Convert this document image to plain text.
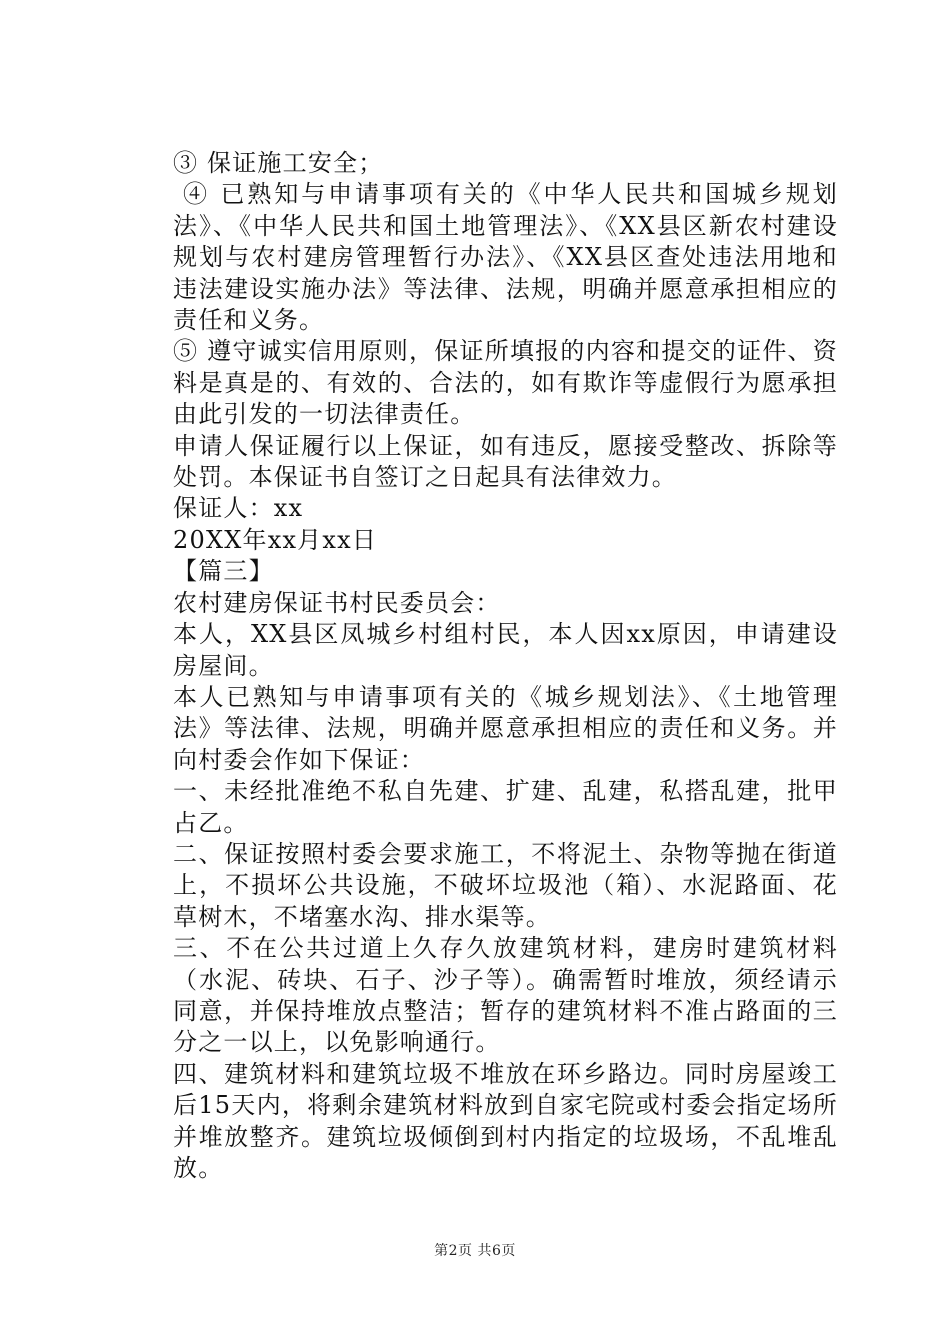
③ 保证施工安全；

④ 已熟知与申请事项有关的《中华人民共和国城乡规划法》、《中华人民共和国土地管理法》、《XX县区新农村建设规划与农村建房管理暂行办法》、《XX县区查处违法用地和违法建设实施办法》等法律、法规，明确并愿意承担相应的责任和义务。

⑤ 遵守诚实信用原则，保证所填报的内容和提交的证件、资料是真是的、有效的、合法的，如有欺诈等虚假行为愿承担由此引发的一切法律责任。

申请人保证履行以上保证，如有违反，愿接受整改、拆除等处罚。本保证书自签订之日起具有法律效力。

保证人：xx

20XX年xx月xx日

【篇三】

农村建房保证书村民委员会：

本人，XX县区凤城乡村组村民，本人因xx原因，申请建设房屋间。

本人已熟知与申请事项有关的《城乡规划法》、《土地管理法》等法律、法规，明确并愿意承担相应的责任和义务。并向村委会作如下保证：

一、未经批准绝不私自先建、扩建、乱建，私搭乱建，批甲占乙。

二、保证按照村委会要求施工，不将泥土、杂物等抛在街道上，不损坏公共设施，不破坏垃圾池（箱）、水泥路面、花草树木，不堵塞水沟、排水渠等。

三、不在公共过道上久存久放建筑材料，建房时建筑材料（水泥、砖块、石子、沙子等）。确需暂时堆放，须经请示同意，并保持堆放点整洁；暂存的建筑材料不准占路面的三分之一以上，以免影响通行。

四、建筑材料和建筑垃圾不堆放在环乡路边。同时房屋竣工后15天内，将剩余建筑材料放到自家宅院或村委会指定场所并堆放整齐。建筑垃圾倾倒到村内指定的垃圾场，不乱堆乱放。

第2页 共6页
